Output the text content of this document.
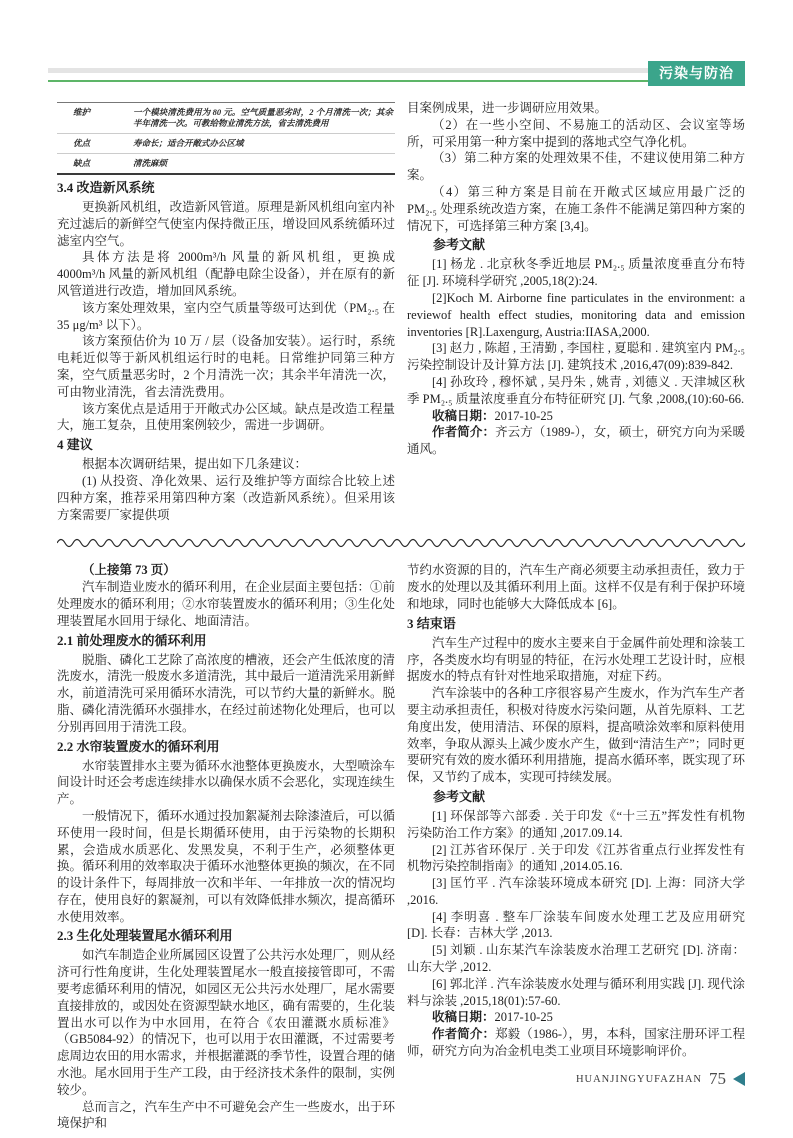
污染与防治
维护	一个模块清洗费用为 80 元。空气质量恶劣时，2 个月清洗一次；其余半年清洗一次。可教给物业清洗方法，省去清洗费用
优点	寿命长；适合开敞式办公区域
缺点	清洗麻烦
3.4 改造新风系统

更换新风机组，改造新风管道。原理是新风机组向室内补充过滤后的新鲜空气使室内保持微正压，增设回风系统循环过滤室内空气。

具体方法是将 2000m³/h 风量的新风机组，更换成 4000m³/h 风量的新风机组（配静电除尘设备），并在原有的新风管道进行改造，增加回风系统。

该方案处理效果，室内空气质量等级可达到优（PM₂.₅ 在 35 μg/m³ 以下）。

该方案预估价为 10 万 / 层（设备加安装）。运行时，系统电耗近似等于新风机组运行时的电耗。日常维护同第三种方案，空气质量恶劣时，2 个月清洗一次；其余半年清洗一次，可由物业清洗，省去清洗费用。

该方案优点是适用于开敞式办公区域。缺点是改造工程量大，施工复杂，且使用案例较少，需进一步调研。

4 建议

根据本次调研结果，提出如下几条建议：

(1) 从投资、净化效果、运行及维护等方面综合比较上述四种方案，推荐采用第四种方案（改造新风系统）。但采用该方案需要厂家提供项

目案例成果，进一步调研应用效果。

（2）在一些小空间、不易施工的活动区、会议室等场所，可采用第一种方案中提到的落地式空气净化机。

（3）第二种方案的处理效果不佳，不建议使用第二种方案。

（4）第三种方案是目前在开敞式区域应用最广泛的 PM₂.₅ 处理系统改造方案，在施工条件不能满足第四种方案的情况下，可选择第三种方案 [3,4]。

参考文献

[1] 杨龙 . 北京秋冬季近地层 PM₂.₅ 质量浓度垂直分布特征 [J]. 环境科学研究 ,2005,18(2):24.

[2]Koch M. Airborne fine particulates in the environment: a reviewof health effect studies, monitoring data and emission inventories [R].Laxengurg, Austria:IIASA,2000.

[3] 赵力 , 陈超 , 王清勤 , 李国柱 , 夏聪和 . 建筑室内 PM₂.₅ 污染控制设计及计算方法 [J]. 建筑技术 ,2016,47(09):839-842.

[4] 孙玫玲 , 穆怀斌 , 吴丹朱 , 姚青 , 刘德义 . 天津城区秋季 PM₂.₅ 质量浓度垂直分布特征研究 [J]. 气象 ,2008,(10):60-66.

收稿日期：2017-10-25

作者简介：齐云方（1989-），女，硕士，研究方向为采暖通风。

（上接第 73 页）

汽车制造业废水的循环利用，在企业层面主要包括：①前处理废水的循环利用；②水帘装置废水的循环利用；③生化处理装置尾水回用于绿化、地面清洁。

2.1 前处理废水的循环利用

脱脂、磷化工艺除了高浓度的槽液，还会产生低浓度的清洗废水，清洗一般废水多道清洗，其中最后一道清洗采用新鲜水，前道清洗可采用循环水清洗，可以节约大量的新鲜水。脱脂、磷化清洗循环水强排水，在经过前述物化处理后，也可以分别再回用于清洗工段。

2.2 水帘装置废水的循环利用

水帘装置排水主要为循环水池整体更换废水，大型喷涂车间设计时还会考虑连续排水以确保水质不会恶化，实现连续生产。

一般情况下，循环水通过投加絮凝剂去除漆渣后，可以循环使用一段时间，但是长期循环使用，由于污染物的长期积累，会造成水质恶化、发黑发臭，不利于生产，必须整体更换。循环利用的效率取决于循环水池整体更换的频次，在不同的设计条件下，每周排放一次和半年、一年排放一次的情况均存在，使用良好的絮凝剂，可以有效降低排水频次，提高循环水使用效率。

2.3 生化处理装置尾水循环利用

如汽车制造企业所属园区设置了公共污水处理厂，则从经济可行性角度讲，生化处理装置尾水一般直接接管即可，不需要考虑循环利用的情况，如园区无公共污水处理厂，尾水需要直接排放的，或因处在资源型缺水地区，确有需要的，生化装置出水可以作为中水回用，在符合《农田灌溉水质标准》（GB5084-92）的情况下，也可以用于农田灌溉，不过需要考虑周边农田的用水需求，并根据灌溉的季节性，设置合理的储水池。尾水回用于生产工段，由于经济技术条件的限制，实例较少。

总而言之，汽车生产中不可避免会产生一些废水，出于环境保护和

节约水资源的目的，汽车生产商必须要主动承担责任，致力于废水的处理以及其循环利用上面。这样不仅是有利于保护环境和地球，同时也能够大大降低成本 [6]。

3 结束语

汽车生产过程中的废水主要来自于金属件前处理和涂装工序，各类废水均有明显的特征，在污水处理工艺设计时，应根据废水的特点有针对性地采取措施，对症下药。

汽车涂装中的各种工序很容易产生废水，作为汽车生产者要主动承担责任，积极对待废水污染问题，从首先原料、工艺角度出发，使用清洁、环保的原料，提高喷涂效率和原料使用效率，争取从源头上减少废水产生，做到“清洁生产”；同时更要研究有效的废水循环利用措施，提高水循环率，既实现了环保，又节约了成本，实现可持续发展。

参考文献

[1] 环保部等六部委 . 关于印发《“十三五”挥发性有机物污染防治工作方案》的通知 ,2017.09.14.

[2] 江苏省环保厅 . 关于印发《江苏省重点行业挥发性有机物污染控制指南》的通知 ,2014.05.16.

[3] 匡竹平 . 汽车涂装环境成本研究 [D]. 上海：同济大学 ,2016.

[4] 李明喜 . 整车厂涂装车间废水处理工艺及应用研究 [D]. 长春：吉林大学 ,2013.

[5] 刘颖 . 山东某汽车涂装废水治理工艺研究 [D]. 济南：山东大学 ,2012.

[6] 郭北洋 . 汽车涂装废水处理与循环利用实践 [J]. 现代涂料与涂装 ,2015,18(01):57-60.

收稿日期：2017-10-25

作者简介：郑毅（1986-），男，本科，国家注册环评工程师，研究方向为冶金机电类工业项目环境影响评价。

HUANJINGYUFAZHAN 75
